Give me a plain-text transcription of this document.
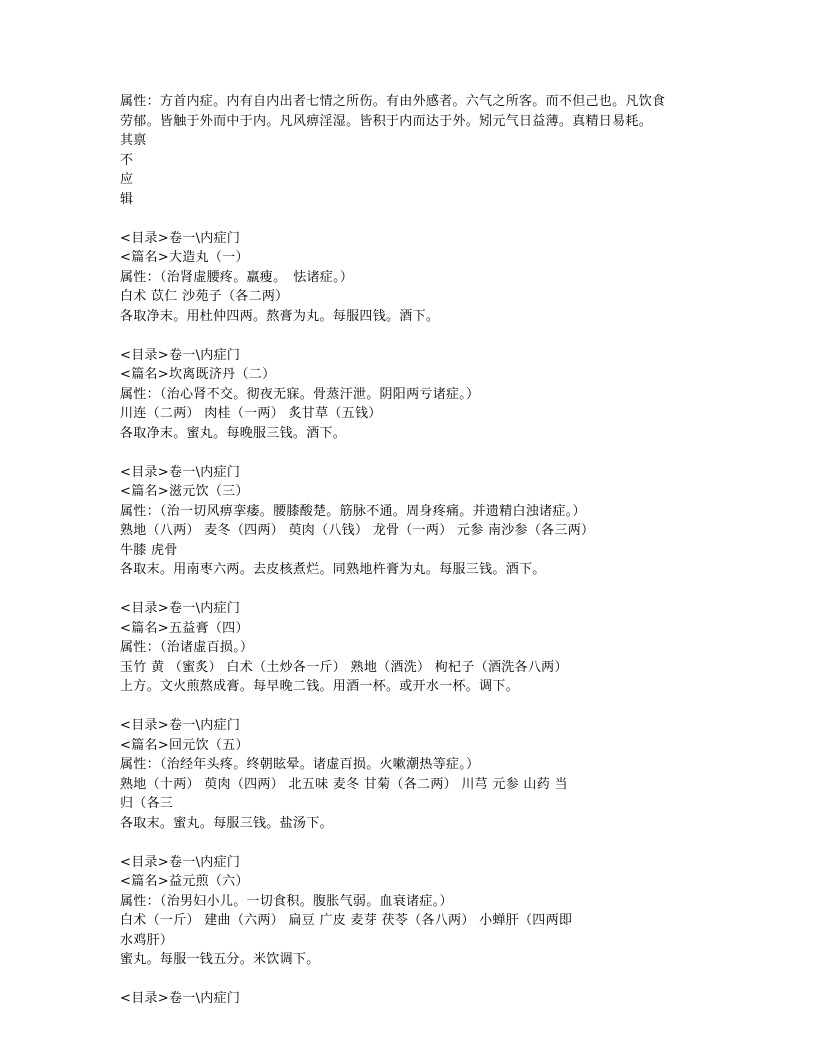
属性：方首内症。内有自内出者七情之所伤。有由外感者。六气之所客。而不但己也。凡饮食
劳郁。皆触于外而中于内。凡风痹淫湿。皆积于内而达于外。矧元气日益薄。真精日易耗。
其禀
不
应
辑
<目录>卷一\内症门
<篇名>大造丸（一）
属性：（治肾虚腰疼。羸瘦。　怯诸症。）
白术 苡仁 沙苑子（各二两）
各取净末。用杜仲四两。熬膏为丸。每服四钱。酒下。
<目录>卷一\内症门
<篇名>坎离既济丹（二）
属性：（治心肾不交。彻夜无寐。骨蒸汗泄。阴阳两亏诸症。）
川连（二两） 肉桂（一两） 炙甘草（五钱）
各取净末。蜜丸。每晚服三钱。酒下。
<目录>卷一\内症门
<篇名>滋元饮（三）
属性：（治一切风痹挛痿。腰膝酸楚。筋脉不通。周身疼痛。并遗精白浊诸症。）
熟地（八两） 麦冬（四两） 萸肉（八钱） 龙骨（一两） 元参 南沙参（各三两）
牛膝 虎骨
各取末。用南枣六两。去皮核煮烂。同熟地杵膏为丸。每服三钱。酒下。
<目录>卷一\内症门
<篇名>五益膏（四）
属性：（治诸虚百损。）
玉竹 黄 （蜜炙） 白术（土炒各一斤） 熟地（酒洗） 枸杞子（酒洗各八两）
上方。文火煎熬成膏。每早晚二钱。用酒一杯。或开水一杯。调下。
<目录>卷一\内症门
<篇名>回元饮（五）
属性：（治经年头疼。终朝眩晕。诸虚百损。火嗽潮热等症。）
熟地（十两） 萸肉（四两） 北五味 麦冬 甘菊（各二两） 川芎 元参 山药 当
归（各三
各取末。蜜丸。每服三钱。盐汤下。
<目录>卷一\内症门
<篇名>益元煎（六）
属性：（治男妇小儿。一切食积。腹胀气弱。血衰诸症。）
白术（一斤） 建曲（六两） 扁豆 广皮 麦芽 茯苓（各八两） 小蝉肝（四两即
水鸡肝）
蜜丸。每服一钱五分。米饮调下。
<目录>卷一\内症门
